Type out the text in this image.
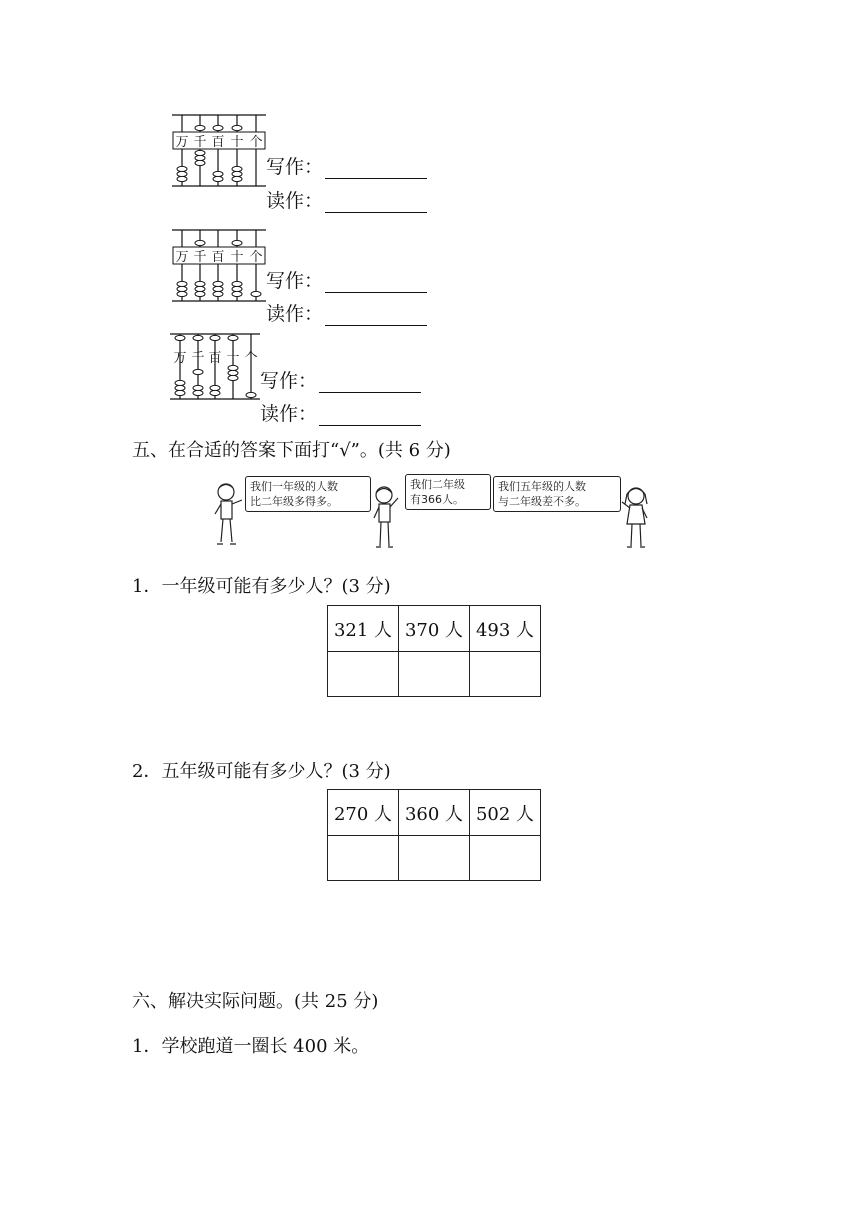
万 千 百 十 个
写作：
读作：
万 千 百 十 个
写作：
读作：
万 千 百 十 个
写作：
读作：
五、在合适的答案下面打“√”。(共 6 分)
我们一年级的人数
比二年级多得多。
我们二年级
有366人。
我们五年级的人数
与二年级差不多。
1．一年级可能有多少人？(3 分)
321 人	370 人	493 人

2．五年级可能有多少人？(3 分)
270 人	360 人	502 人

六、解决实际问题。(共 25 分)
1．学校跑道一圈长 400 米。
